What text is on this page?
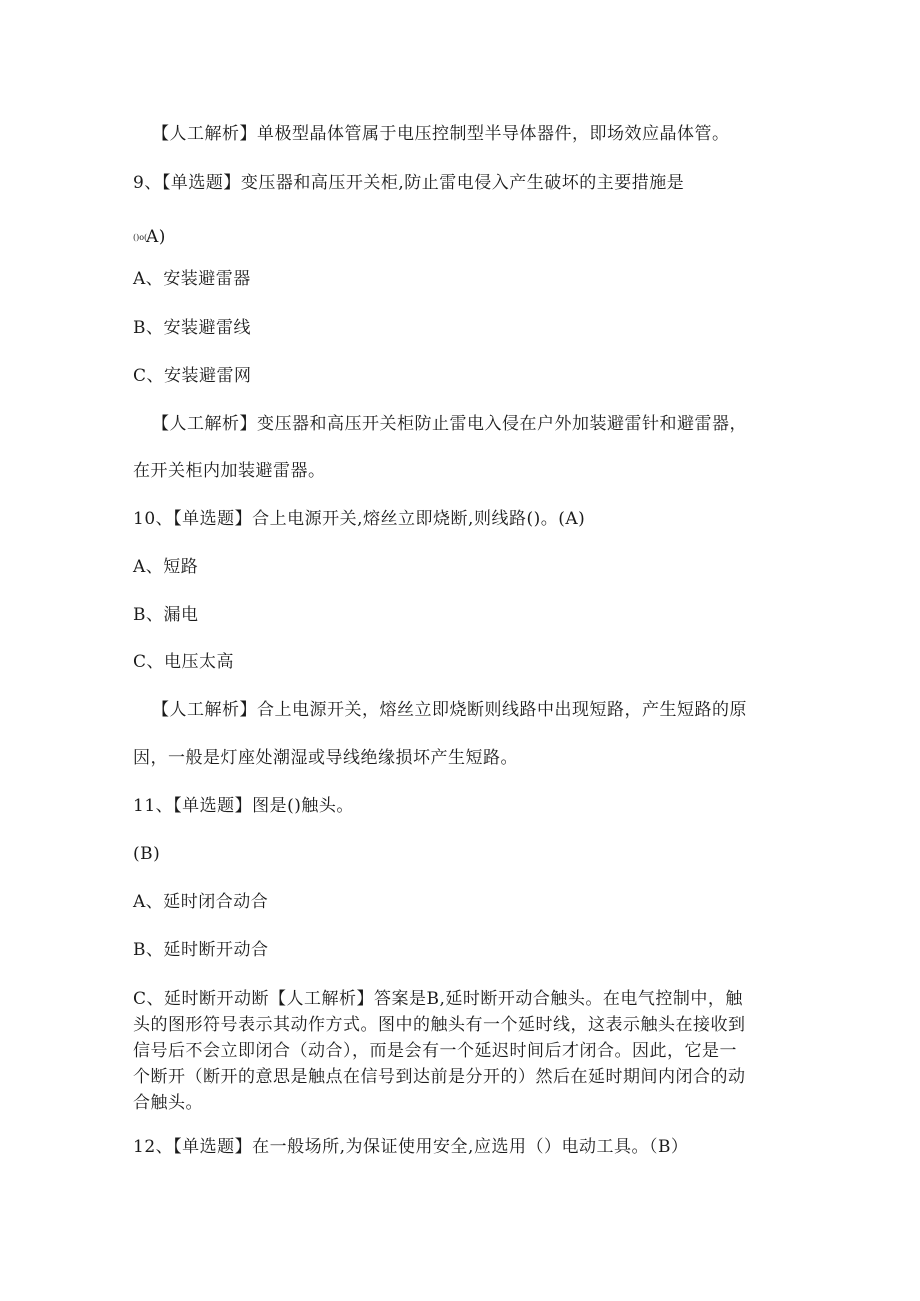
【人工解析】单极型晶体管属于电压控制型半导体器件，即场效应晶体管。
9、【单选题】变压器和高压开关柜,防止雷电侵入产生破坏的主要措施是
()o(
A)
A、安装避雷器
B、安装避雷线
C、安装避雷网
【人工解析】变压器和高压开关柜防止雷电入侵在户外加装避雷针和避雷器，
在开关柜内加装避雷器。
10、【单选题】合上电源开关,熔丝立即烧断,则线路()。(A)
A、短路
B、漏电
C、电压太高
【人工解析】合上电源开关，熔丝立即烧断则线路中出现短路，产生短路的原
因，一般是灯座处潮湿或导线绝缘损坏产生短路。
11、【单选题】图是()触头。
(B)
A、延时闭合动合
B、延时断开动合
C、延时断开动断【人工解析】答案是B,延时断开动合触头。在电气控制中，触
头的图形符号表示其动作方式。图中的触头有一个延时线，这表示触头在接收到
信号后不会立即闭合（动合），而是会有一个延迟时间后才闭合。因此，它是一
个断开（断开的意思是触点在信号到达前是分开的）然后在延时期间内闭合的动
合触头。
12、【单选题】在一般场所,为保证使用安全,应选用（）电动工具。（B）
